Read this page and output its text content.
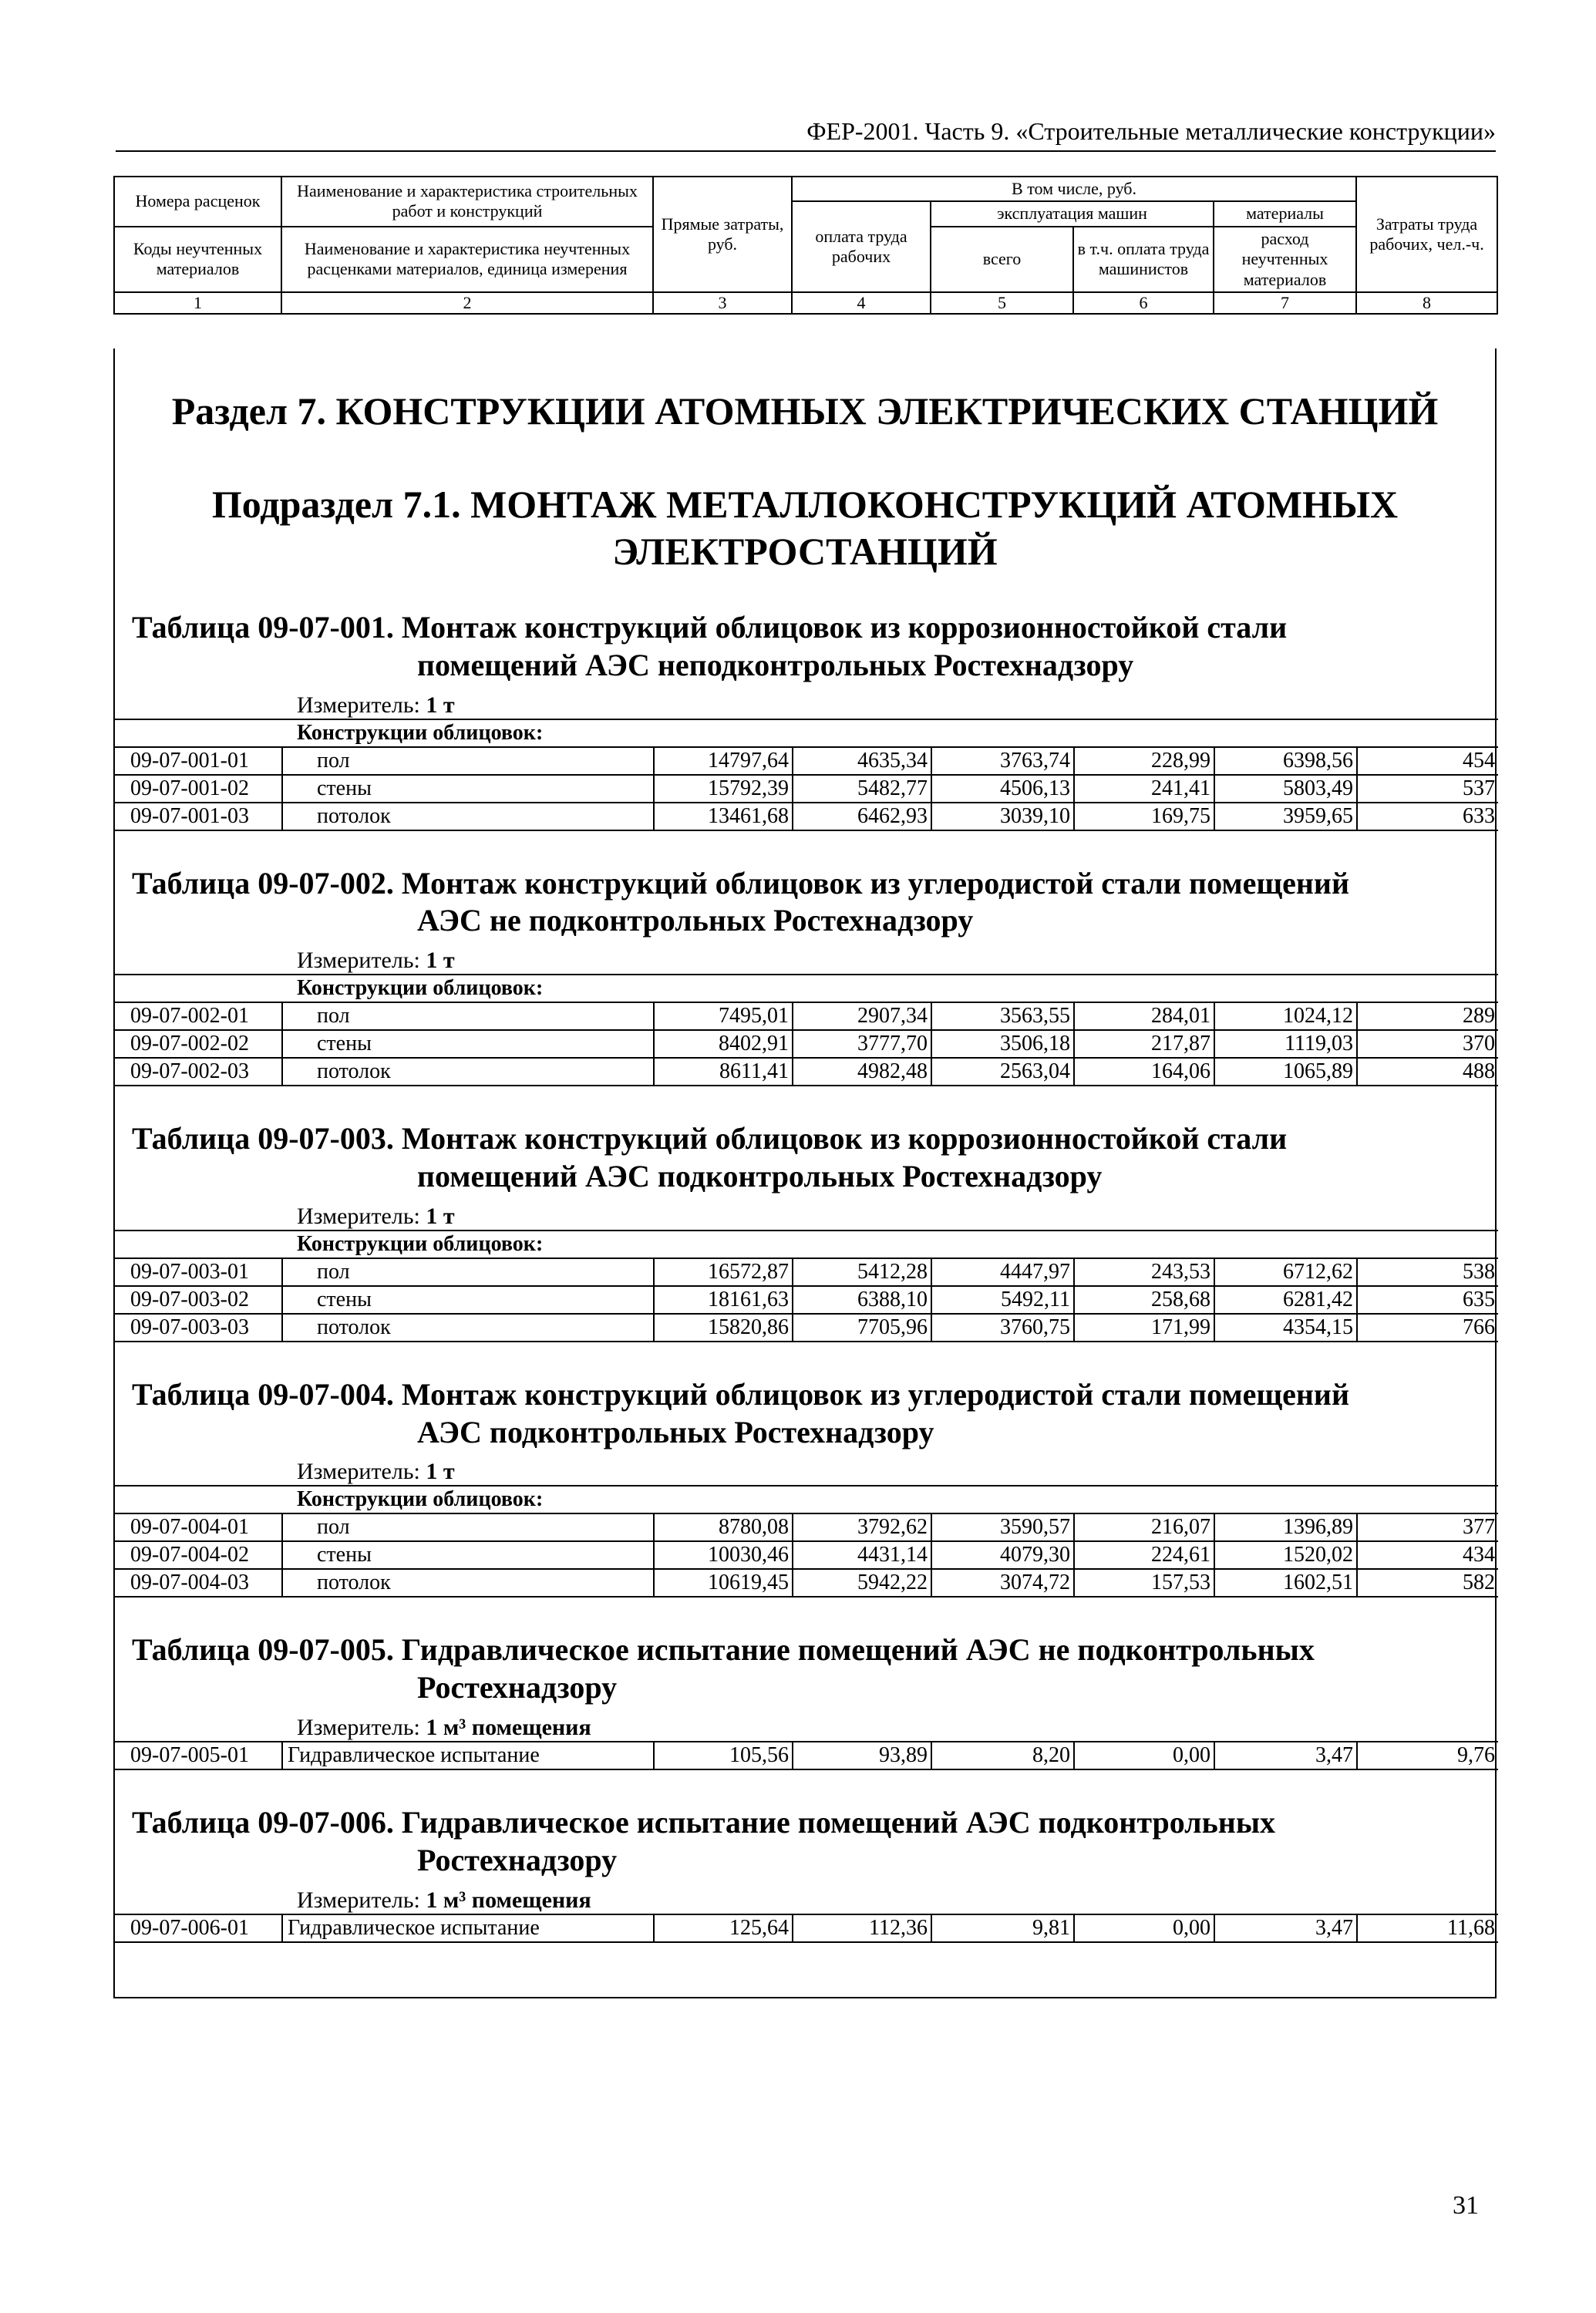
ФЕР-2001. Часть 9. «Строительные металлические конструкции»
Номера расценок	Наименование и характеристика строительных работ и конструкций	Прямые затраты, руб.	В том числе, руб.				Затраты труда рабочих, чел.-ч.
			оплата труда рабочих	эксплуатация машин		материалы	
Коды неучтенных материалов	Наименование и характеристика неучтенных расценками материалов, единица измерения			всего	в т.ч. оплата труда машинистов	расход неучтенных материалов	

1	2	3	4	5	6	7	8
Раздел 7. КОНСТРУКЦИИ АТОМНЫХ ЭЛЕКТРИЧЕСКИХ СТАНЦИЙ
Подраздел 7.1. МОНТАЖ МЕТАЛЛОКОНСТРУКЦИЙ АТОМНЫХ
ЭЛЕКТРОСТАНЦИЙ
Таблица 09-07-001. Монтаж конструкций облицовок из коррозионностойкой стали
помещений АЭС неподконтрольных Ростехнадзору
Измеритель: 1 т
Конструкции облицовок:							
09-07-001-01	пол	14797,64	4635,34	3763,74	228,99	6398,56	454
09-07-001-02	стены	15792,39	5482,77	4506,13	241,41	5803,49	537
09-07-001-03	потолок	13461,68	6462,93	3039,10	169,75	3959,65	633
Таблица 09-07-002. Монтаж конструкций облицовок из углеродистой стали помещений
АЭС не подконтрольных Ростехнадзору
Измеритель: 1 т
Конструкции облицовок:							
09-07-002-01	пол	7495,01	2907,34	3563,55	284,01	1024,12	289
09-07-002-02	стены	8402,91	3777,70	3506,18	217,87	1119,03	370
09-07-002-03	потолок	8611,41	4982,48	2563,04	164,06	1065,89	488
Таблица 09-07-003. Монтаж конструкций облицовок из коррозионностойкой стали
помещений АЭС подконтрольных Ростехнадзору
Измеритель: 1 т
Конструкции облицовок:							
09-07-003-01	пол	16572,87	5412,28	4447,97	243,53	6712,62	538
09-07-003-02	стены	18161,63	6388,10	5492,11	258,68	6281,42	635
09-07-003-03	потолок	15820,86	7705,96	3760,75	171,99	4354,15	766
Таблица 09-07-004. Монтаж конструкций облицовок из углеродистой стали помещений
АЭС подконтрольных Ростехнадзору
Измеритель: 1 т
Конструкции облицовок:							
09-07-004-01	пол	8780,08	3792,62	3590,57	216,07	1396,89	377
09-07-004-02	стены	10030,46	4431,14	4079,30	224,61	1520,02	434
09-07-004-03	потолок	10619,45	5942,22	3074,72	157,53	1602,51	582
Таблица 09-07-005. Гидравлическое испытание помещений АЭС не подконтрольных
Ростехнадзору
Измеритель: 1 м³ помещения
09-07-005-01	Гидравлическое испытание	105,56	93,89	8,20	0,00	3,47	9,76
Таблица 09-07-006. Гидравлическое испытание помещений АЭС подконтрольных
Ростехнадзору
Измеритель: 1 м³ помещения
09-07-006-01	Гидравлическое испытание	125,64	112,36	9,81	0,00	3,47	11,68
31
